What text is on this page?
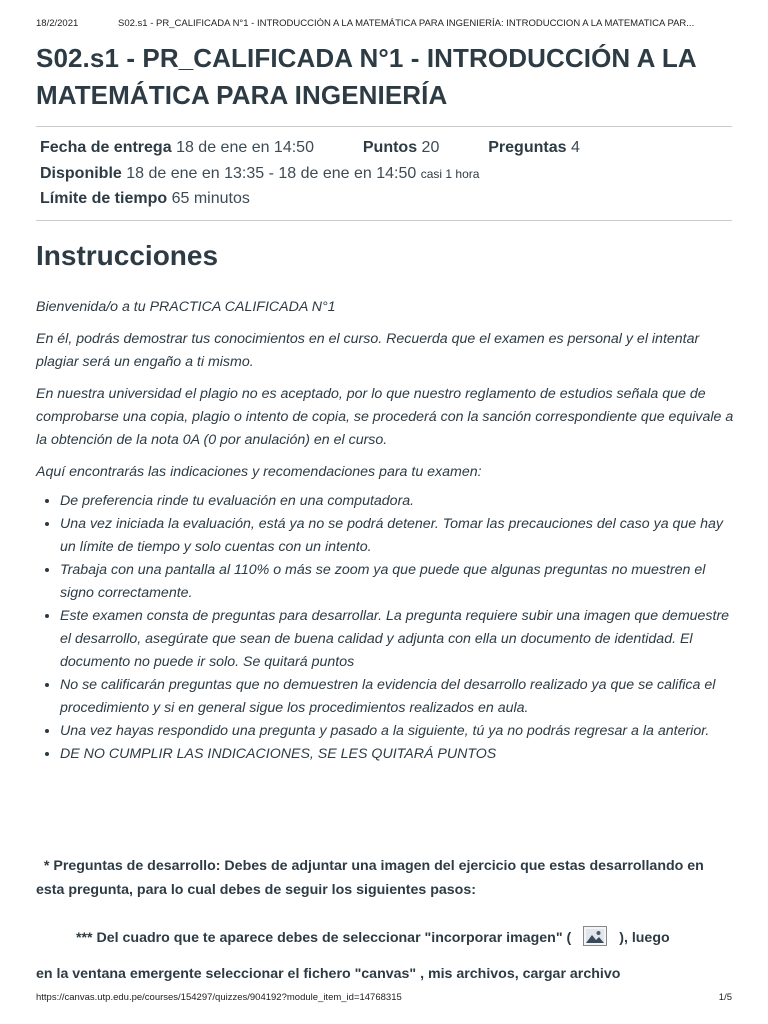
18/2/2021	S02.s1 - PR_CALIFICADA N°1 - INTRODUCCIÓN A LA MATEMÁTICA PARA INGENIERÍA: INTRODUCCION A LA MATEMATICA PAR...
S02.s1 - PR_CALIFICADA N°1 - INTRODUCCIÓN A LA MATEMÁTICA PARA INGENIERÍA
Fecha de entrega 18 de ene en 14:50	Puntos 20	Preguntas 4
Disponible 18 de ene en 13:35 - 18 de ene en 14:50 casi 1 hora
Límite de tiempo 65 minutos
Instrucciones

Bienvenida/o a tu PRACTICA CALIFICADA N°1

En él, podrás demostrar tus conocimientos en el curso. Recuerda que el examen es personal y el intentar plagiar será un engaño a ti mismo.

En nuestra universidad el plagio no es aceptado, por lo que nuestro reglamento de estudios señala que de comprobarse una copia, plagio o intento de copia, se procederá con la sanción correspondiente que equivale a la obtención de la nota 0A (0 por anulación) en el curso.

Aquí encontrarás las indicaciones y recomendaciones para tu examen:

• De preferencia rinde tu evaluación en una computadora.
• Una vez iniciada la evaluación, está ya no se podrá detener. Tomar las precauciones del caso ya que hay un límite de tiempo y solo cuentas con un intento.
• Trabaja con una pantalla al 110% o más se zoom ya que puede que algunas preguntas no muestren el signo correctamente.
• Este examen consta de preguntas para desarrollar. La pregunta requiere subir una imagen que demuestre el desarrollo, asegúrate que sean de buena calidad y adjunta con ella un documento de identidad. El documento no puede ir solo. Se quitará puntos
• No se calificarán preguntas que no demuestren la evidencia del desarrollo realizado ya que se califica el procedimiento y si en general sigue los procedimientos realizados en aula.
• Una vez hayas respondido una pregunta y pasado a la siguiente, tú ya no podrás regresar a la anterior.
• DE NO CUMPLIR LAS INDICACIONES, SE LES QUITARÁ PUNTOS
* Preguntas de desarrollo: Debes de adjuntar una imagen del ejercicio que estas desarrollando en esta pregunta, para lo cual debes de seguir los siguientes pasos:
*** Del cuadro que te aparece debes de seleccionar "incorporar imagen" (	), luego
en la ventana emergente seleccionar el fichero "canvas" , mis archivos, cargar archivo
https://canvas.utp.edu.pe/courses/154297/quizzes/904192?module_item_id=14768315	1/5
